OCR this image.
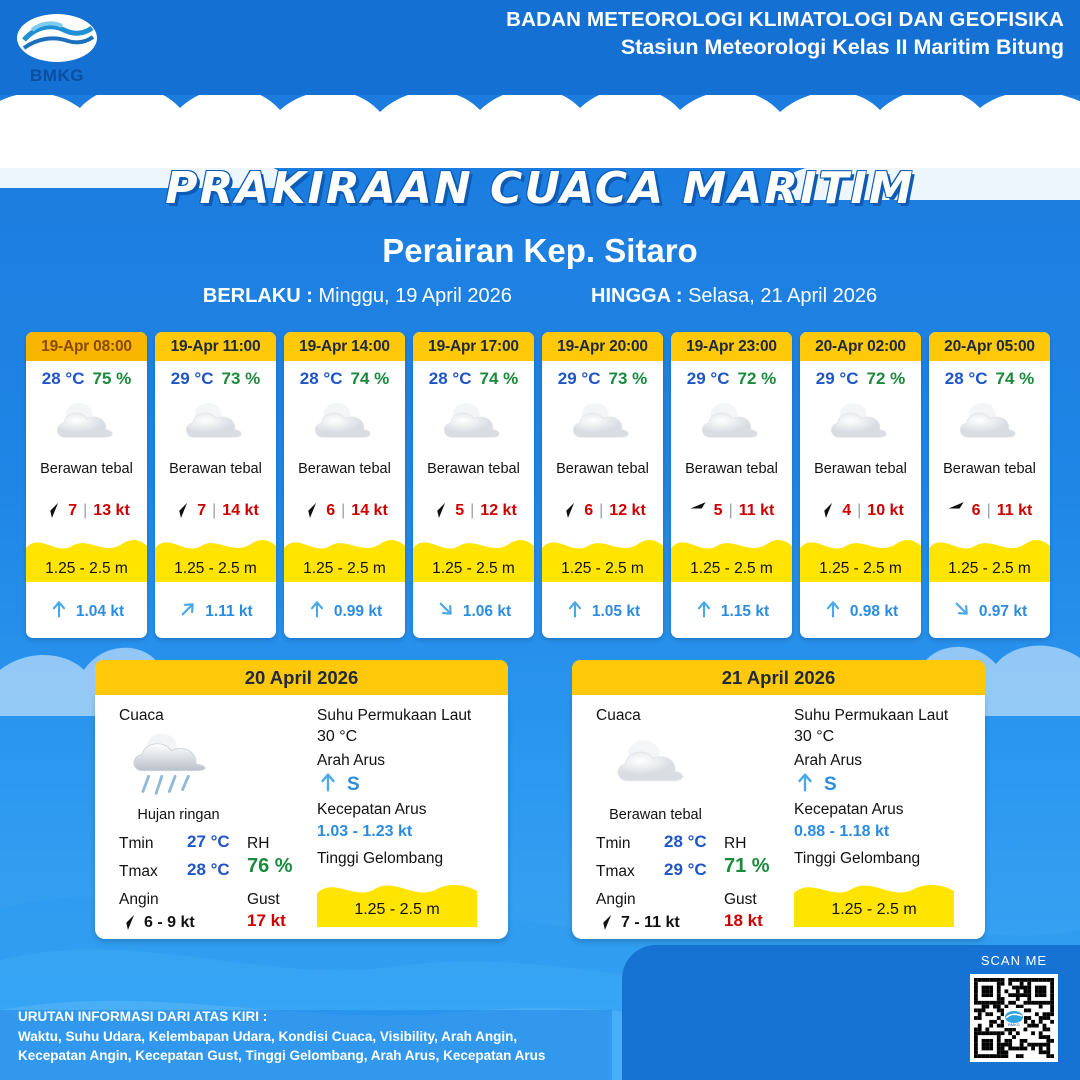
BMKG
BADAN METEOROLOGI KLIMATOLOGI DAN GEOFISIKA
Stasiun Meteorologi Kelas II Maritim Bitung
PRAKIRAAN CUACA MARITIM
Perairan Kep. Sitaro
BERLAKU : Minggu, 19 April 2026	HINGGA : Selasa, 21 April 2026
19-Apr 08:00
28 °C 75 %
Berawan tebal
7 | 13 kt
1.25 - 2.5 m
1.04 kt
19-Apr 11:00
29 °C 73 %
Berawan tebal
7 | 14 kt
1.25 - 2.5 m
1.11 kt
19-Apr 14:00
28 °C 74 %
Berawan tebal
6 | 14 kt
1.25 - 2.5 m
0.99 kt
19-Apr 17:00
28 °C 74 %
Berawan tebal
5 | 12 kt
1.25 - 2.5 m
1.06 kt
19-Apr 20:00
29 °C 73 %
Berawan tebal
6 | 12 kt
1.25 - 2.5 m
1.05 kt
19-Apr 23:00
29 °C 72 %
Berawan tebal
5 | 11 kt
1.25 - 2.5 m
1.15 kt
20-Apr 02:00
29 °C 72 %
Berawan tebal
4 | 10 kt
1.25 - 2.5 m
0.98 kt
20-Apr 05:00
28 °C 74 %
Berawan tebal
6 | 11 kt
1.25 - 2.5 m
0.97 kt
20 April 2026
Cuaca
Hujan ringan
Tmin 27 °C
Tmax 28 °C
Angin
6 - 9 kt
RH
76 %
Gust
17 kt
Suhu Permukaan Laut
30 °C
Arah Arus
S
Kecepatan Arus
1.03 - 1.23 kt
Tinggi Gelombang
1.25 - 2.5 m
21 April 2026
Cuaca
Berawan tebal
Tmin 28 °C
Tmax 29 °C
Angin
7 - 11 kt
RH
71 %
Gust
18 kt
Suhu Permukaan Laut
30 °C
Arah Arus
S
Kecepatan Arus
0.88 - 1.18 kt
Tinggi Gelombang
1.25 - 2.5 m
URUTAN INFORMASI DARI ATAS KIRI :
Waktu, Suhu Udara, Kelembapan Udara, Kondisi Cuaca, Visibility, Arah Angin,
Kecepatan Angin, Kecepatan Gust, Tinggi Gelombang, Arah Arus, Kecepatan Arus
SCAN ME
BMKG
